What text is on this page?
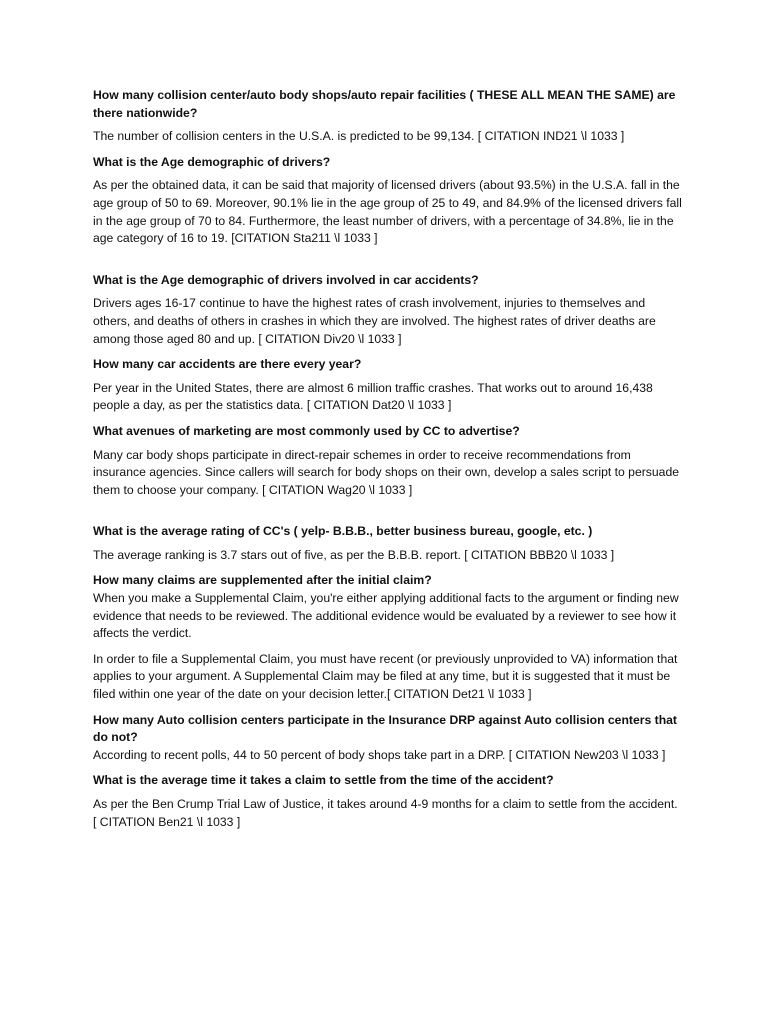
How many collision center/auto body shops/auto repair facilities ( THESE ALL MEAN THE SAME) are there nationwide?

The number of collision centers in the U.S.A. is predicted to be 99,134. [ CITATION IND21 \l 1033 ]

What is the Age demographic of drivers?

As per the obtained data, it can be said that majority of licensed drivers (about 93.5%) in the U.S.A. fall in the age group of 50 to 69. Moreover, 90.1% lie in the age group of 25 to 49, and 84.9% of the licensed drivers fall in the age group of 70 to 84. Furthermore, the least number of drivers, with a percentage of 34.8%, lie in the age category of 16 to 19. [CITATION Sta211 \l 1033 ]

What is the Age demographic of drivers involved in car accidents?

Drivers ages 16-17 continue to have the highest rates of crash involvement, injuries to themselves and others, and deaths of others in crashes in which they are involved. The highest rates of driver deaths are among those aged 80 and up. [ CITATION Div20 \l 1033 ]

How many car accidents are there every year?

Per year in the United States, there are almost 6 million traffic crashes. That works out to around 16,438 people a day, as per the statistics data. [ CITATION Dat20 \l 1033 ]

What avenues of marketing are most commonly used by CC to advertise?

Many car body shops participate in direct-repair schemes in order to receive recommendations from insurance agencies. Since callers will search for body shops on their own, develop a sales script to persuade them to choose your company. [ CITATION Wag20 \l 1033 ]

What is the average rating of CC's ( yelp- B.B.B., better business bureau, google, etc. )

The average ranking is 3.7 stars out of five, as per the B.B.B. report. [ CITATION BBB20 \l 1033 ]

How many claims are supplemented after the initial claim?

When you make a Supplemental Claim, you're either applying additional facts to the argument or finding new evidence that needs to be reviewed. The additional evidence would be evaluated by a reviewer to see how it affects the verdict.

In order to file a Supplemental Claim, you must have recent (or previously unprovided to VA) information that applies to your argument. A Supplemental Claim may be filed at any time, but it is suggested that it must be filed within one year of the date on your decision letter.[ CITATION Det21 \l 1033 ]

How many Auto collision centers participate in the Insurance DRP against Auto collision centers that do not?

According to recent polls, 44 to 50 percent of body shops take part in a DRP. [ CITATION New203 \l 1033 ]

What is the average time it takes a claim to settle from the time of the accident?

As per the Ben Crump Trial Law of Justice, it takes around 4-9 months for a claim to settle from the accident. [ CITATION Ben21 \l 1033 ]
